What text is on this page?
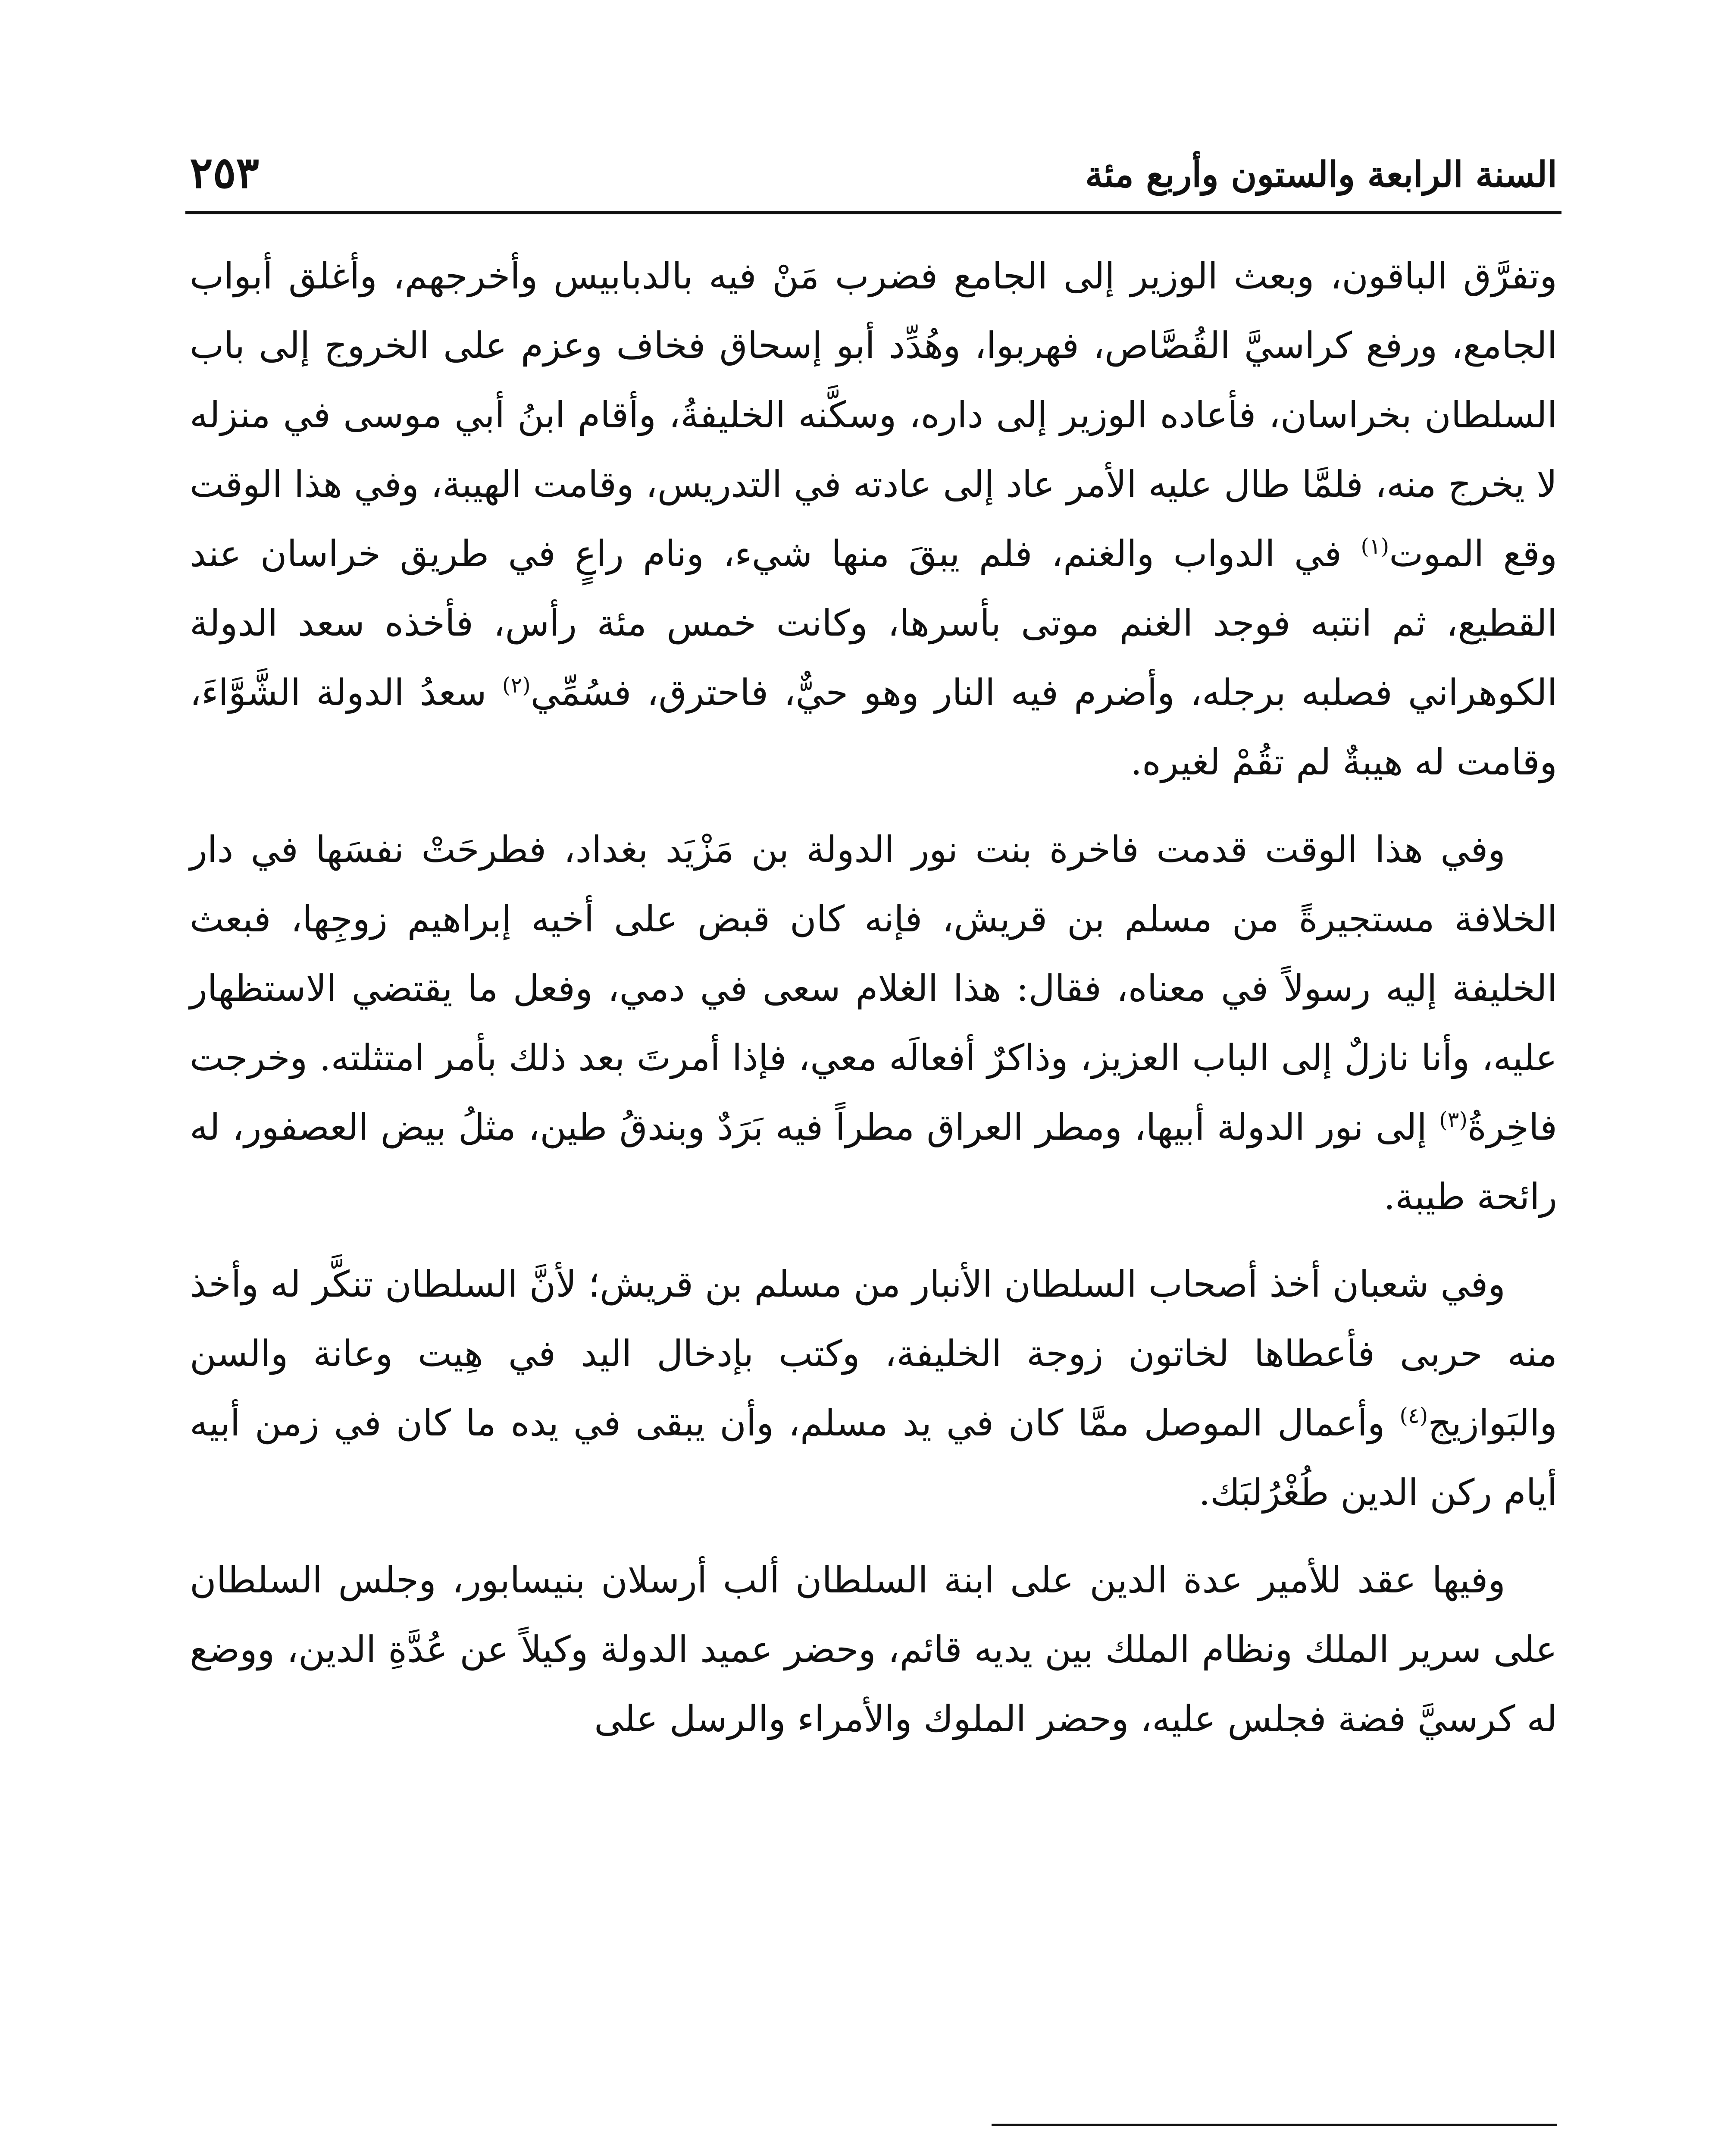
السنة الرابعة والستون وأربع مئة
٢٥٣

وتفرَّق الباقون، وبعث الوزير إلى الجامع فضرب مَنْ فيه بالدبابيس وأخرجهم، وأغلق أبواب الجامع، ورفع كراسيَّ القُصَّاص، فهربوا، وهُدِّد أبو إسحاق فخاف وعزم على الخروج إلى باب السلطان بخراسان، فأعاده الوزير إلى داره، وسكَّنه الخليفةُ، وأقام ابنُ أبي موسى في منزله لا يخرج منه، فلمَّا طال عليه الأمر عاد إلى عادته في التدريس، وقامت الهيبة، وفي هذا الوقت وقع الموت$^{(١)}$ في الدواب والغنم، فلم يبقَ منها شيء، ونام راعٍ في طريق خراسان عند القطيع، ثم انتبه فوجد الغنم موتى بأسرها، وكانت خمس مئة رأس، فأخذه سعد الدولة الكوهراني فصلبه برجله، وأضرم فيه النار وهو حيٌّ، فاحترق، فسُمِّي$^{(٢)}$ سعدُ الدولة الشَّوَّاءَ، وقامت له هيبةٌ لم تقُمْ لغيره.

وفي هذا الوقت قدمت فاخرة بنت نور الدولة بن مَزْيَد بغداد، فطرحَتْ نفسَها في دار الخلافة مستجيرةً من مسلم بن قريش، فإنه كان قبض على أخيه إبراهيم زوجِها، فبعث الخليفة إليه رسولاً في معناه، فقال: هذا الغلام سعى في دمي، وفعل ما يقتضي الاستظهار عليه، وأنا نازلٌ إلى الباب العزيز، وذاكرٌ أفعالَه معي، فإذا أمرتَ بعد ذلك بأمر امتثلته. وخرجت فاخِرةُ$^{(٣)}$ إلى نور الدولة أبيها، ومطر العراق مطراً فيه بَرَدٌ وبندقُ طين، مثلُ بيض العصفور، له رائحة طيبة.

وفي شعبان أخذ أصحاب السلطان الأنبار من مسلم بن قريش؛ لأنَّ السلطان تنكَّر له وأخذ منه حربى فأعطاها لخاتون زوجة الخليفة، وكتب بإدخال اليد في هِيت وعانة والسن والبَوازيج$^{(٤)}$ وأعمال الموصل ممَّا كان في يد مسلم، وأن يبقى في يده ما كان في زمن أبيه أيام ركن الدين طُغْرُلبَك.

وفيها عقد للأمير عدة الدين على ابنة السلطان ألب أرسلان بنيسابور، وجلس السلطان على سرير الملك ونظام الملك بين يديه قائم، وحضر عميد الدولة وكيلاً عن عُدَّةِ الدين، ووضع له كرسيَّ فضة فجلس عليه، وحضر الملوك والأمراء والرسل على
